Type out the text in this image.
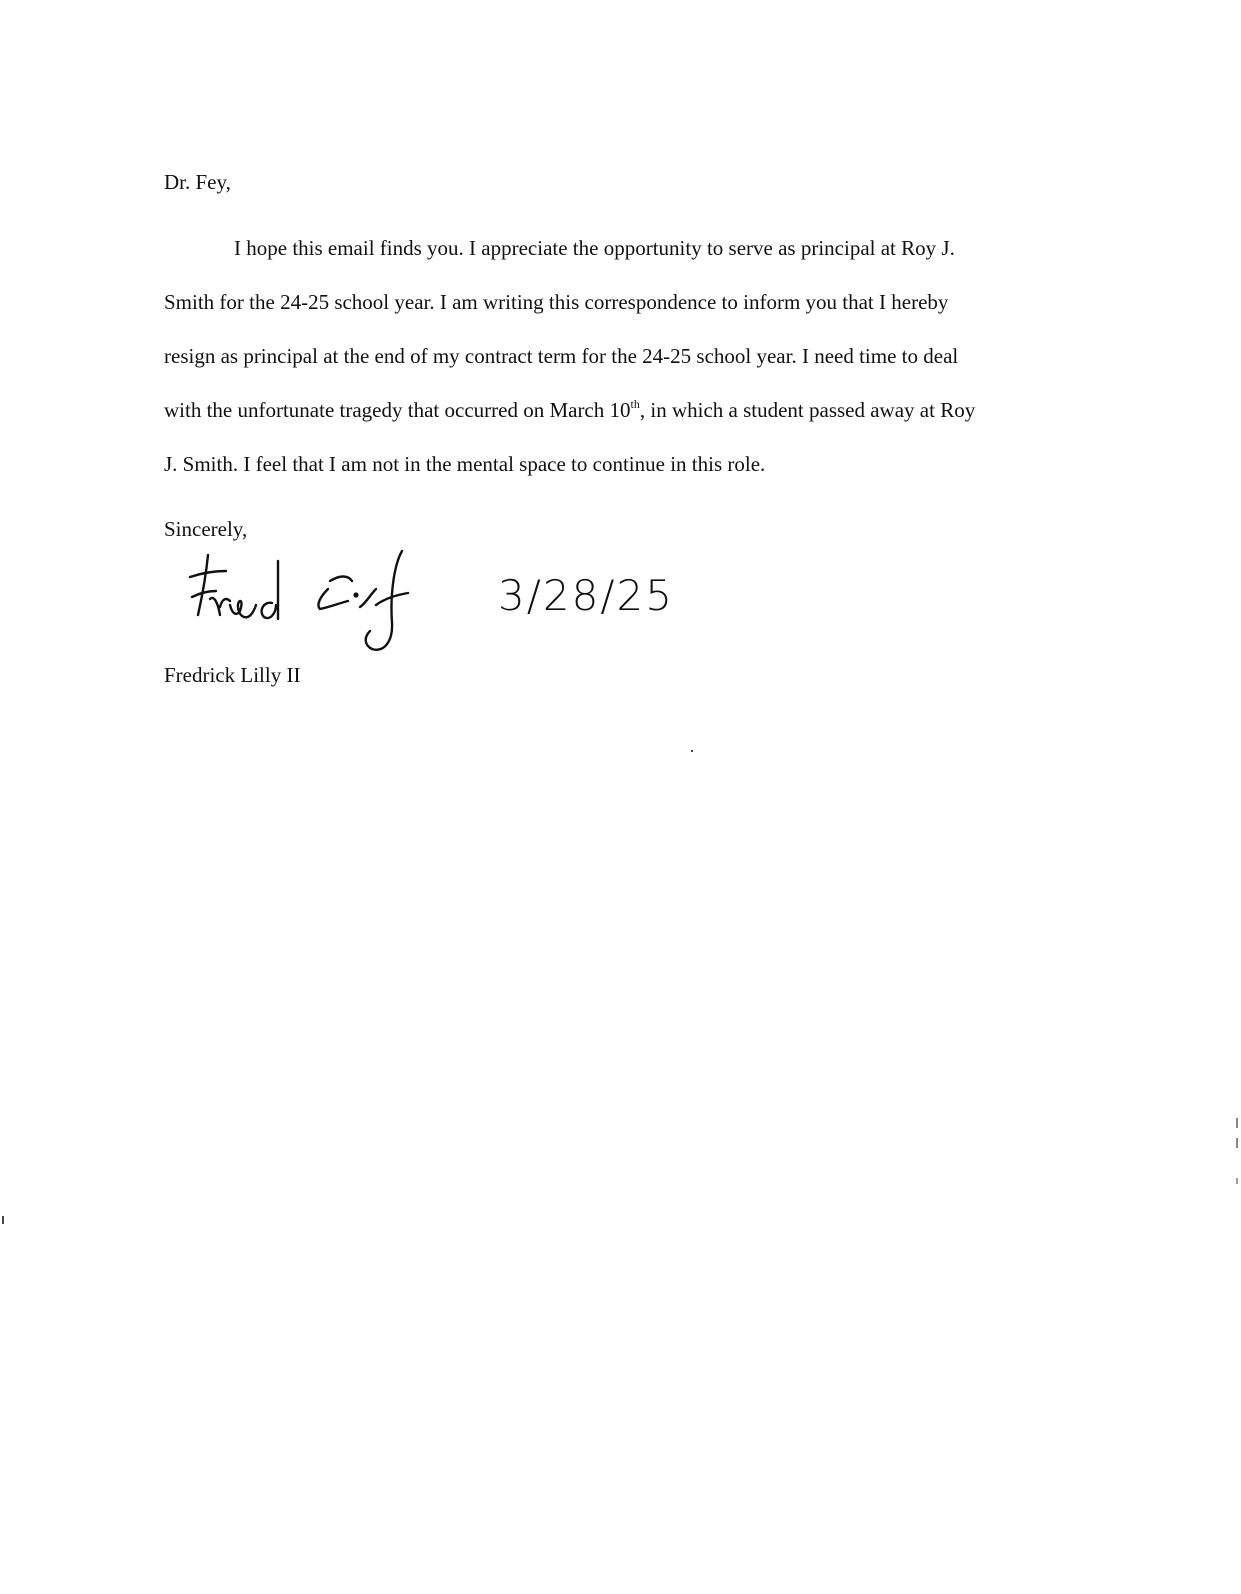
Dr. Fey,
I hope this email finds you. I appreciate the opportunity to serve as principal at Roy J.
Smith for the 24-25 school year. I am writing this correspondence to inform you that I hereby
resign as principal at the end of my contract term for the 24-25 school year. I need time to deal
with the unfortunate tragedy that occurred on March 10th, in which a student passed away at Roy
J. Smith. I feel that I am not in the mental space to continue in this role.
Sincerely,
3/28/25
Fredrick Lilly II
